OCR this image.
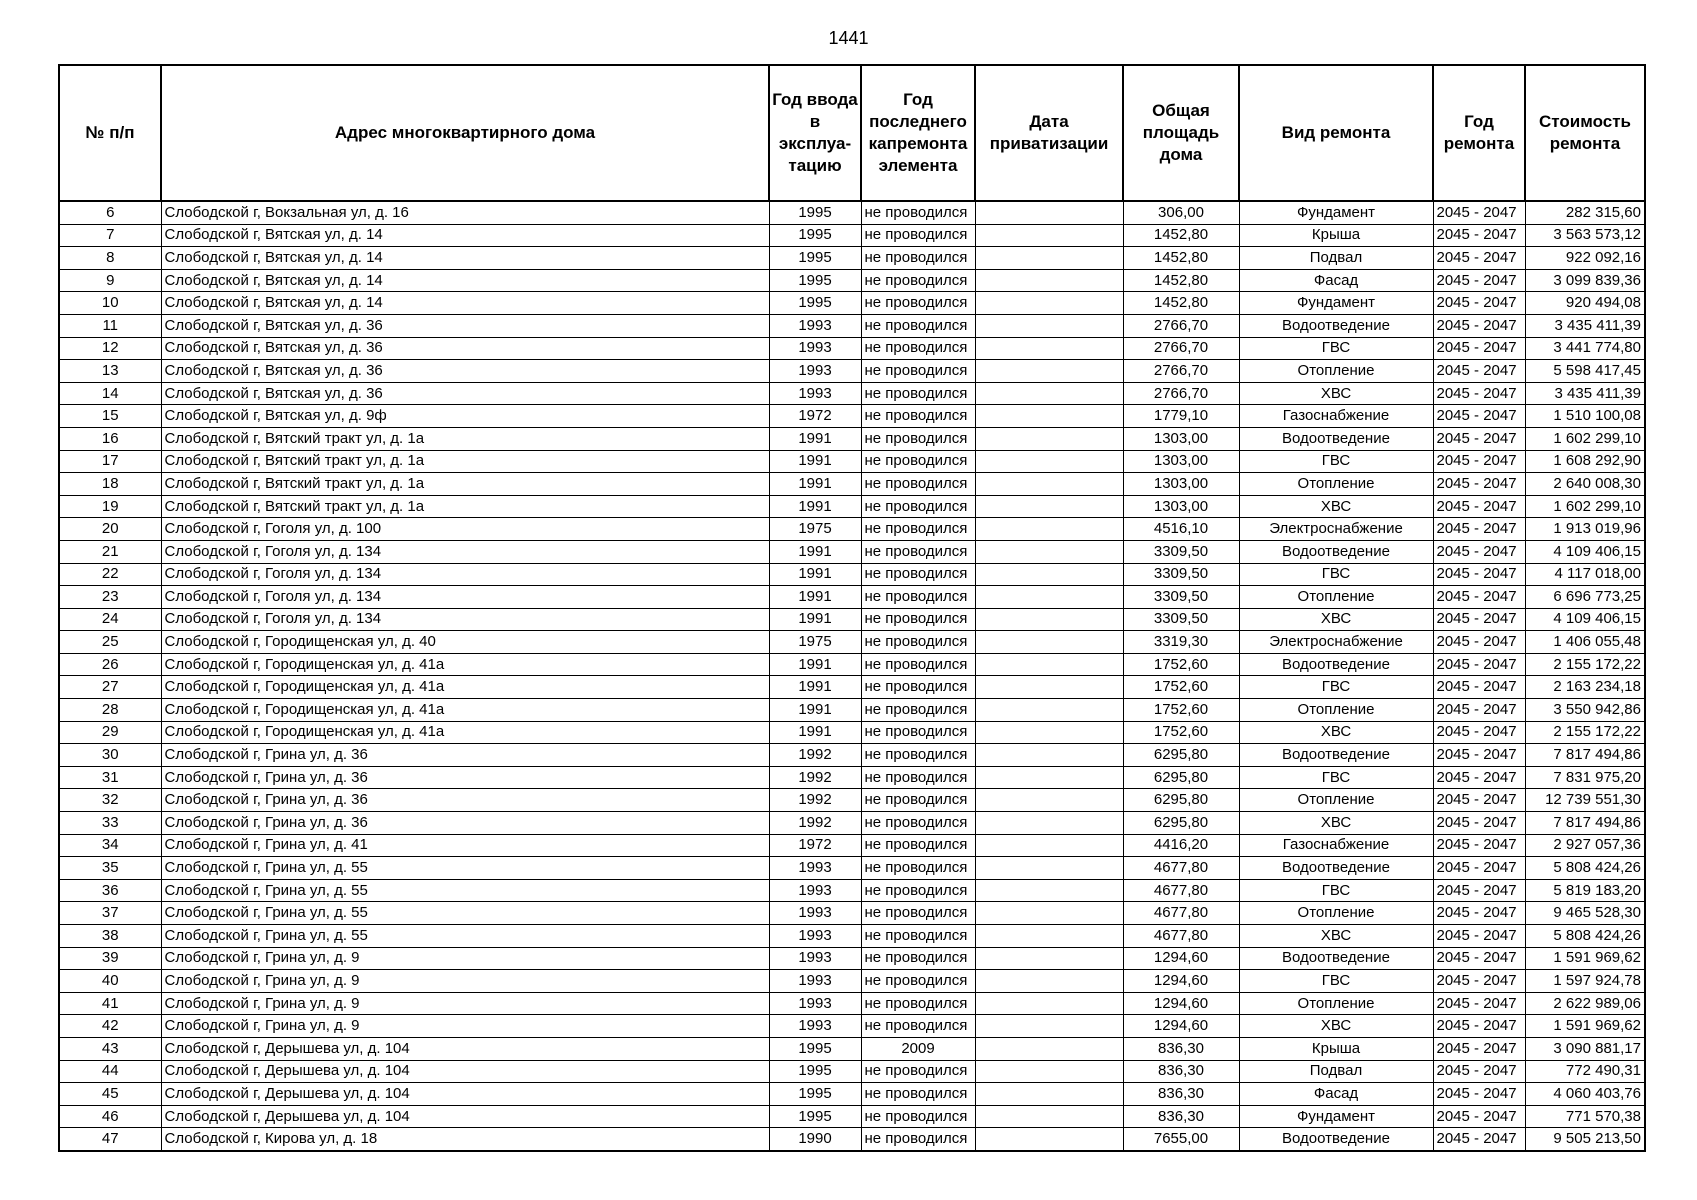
1441
№ п/п	Адрес многоквартирного дома	Год ввода в эксплуа-тацию	Год последнего капремонта элемента	Дата приватизации	Общая площадь дома	Вид ремонта	Год ремонта	Стоимость ремонта
6	Слободской г, Вокзальная ул, д. 16	1995	не проводился		306,00	Фундамент	2045 - 2047	282 315,60
7	Слободской г, Вятская ул, д. 14	1995	не проводился		1452,80	Крыша	2045 - 2047	3 563 573,12
8	Слободской г, Вятская ул, д. 14	1995	не проводился		1452,80	Подвал	2045 - 2047	922 092,16
9	Слободской г, Вятская ул, д. 14	1995	не проводился		1452,80	Фасад	2045 - 2047	3 099 839,36
10	Слободской г, Вятская ул, д. 14	1995	не проводился		1452,80	Фундамент	2045 - 2047	920 494,08
11	Слободской г, Вятская ул, д. 36	1993	не проводился		2766,70	Водоотведение	2045 - 2047	3 435 411,39
12	Слободской г, Вятская ул, д. 36	1993	не проводился		2766,70	ГВС	2045 - 2047	3 441 774,80
13	Слободской г, Вятская ул, д. 36	1993	не проводился		2766,70	Отопление	2045 - 2047	5 598 417,45
14	Слободской г, Вятская ул, д. 36	1993	не проводился		2766,70	ХВС	2045 - 2047	3 435 411,39
15	Слободской г, Вятская ул, д. 9ф	1972	не проводился		1779,10	Газоснабжение	2045 - 2047	1 510 100,08
16	Слободской г, Вятский тракт ул, д. 1а	1991	не проводился		1303,00	Водоотведение	2045 - 2047	1 602 299,10
17	Слободской г, Вятский тракт ул, д. 1а	1991	не проводился		1303,00	ГВС	2045 - 2047	1 608 292,90
18	Слободской г, Вятский тракт ул, д. 1а	1991	не проводился		1303,00	Отопление	2045 - 2047	2 640 008,30
19	Слободской г, Вятский тракт ул, д. 1а	1991	не проводился		1303,00	ХВС	2045 - 2047	1 602 299,10
20	Слободской г, Гоголя ул, д. 100	1975	не проводился		4516,10	Электроснабжение	2045 - 2047	1 913 019,96
21	Слободской г, Гоголя ул, д. 134	1991	не проводился		3309,50	Водоотведение	2045 - 2047	4 109 406,15
22	Слободской г, Гоголя ул, д. 134	1991	не проводился		3309,50	ГВС	2045 - 2047	4 117 018,00
23	Слободской г, Гоголя ул, д. 134	1991	не проводился		3309,50	Отопление	2045 - 2047	6 696 773,25
24	Слободской г, Гоголя ул, д. 134	1991	не проводился		3309,50	ХВС	2045 - 2047	4 109 406,15
25	Слободской г, Городищенская ул, д. 40	1975	не проводился		3319,30	Электроснабжение	2045 - 2047	1 406 055,48
26	Слободской г, Городищенская ул, д. 41а	1991	не проводился		1752,60	Водоотведение	2045 - 2047	2 155 172,22
27	Слободской г, Городищенская ул, д. 41а	1991	не проводился		1752,60	ГВС	2045 - 2047	2 163 234,18
28	Слободской г, Городищенская ул, д. 41а	1991	не проводился		1752,60	Отопление	2045 - 2047	3 550 942,86
29	Слободской г, Городищенская ул, д. 41а	1991	не проводился		1752,60	ХВС	2045 - 2047	2 155 172,22
30	Слободской г, Грина ул, д. 36	1992	не проводился		6295,80	Водоотведение	2045 - 2047	7 817 494,86
31	Слободской г, Грина ул, д. 36	1992	не проводился		6295,80	ГВС	2045 - 2047	7 831 975,20
32	Слободской г, Грина ул, д. 36	1992	не проводился		6295,80	Отопление	2045 - 2047	12 739 551,30
33	Слободской г, Грина ул, д. 36	1992	не проводился		6295,80	ХВС	2045 - 2047	7 817 494,86
34	Слободской г, Грина ул, д. 41	1972	не проводился		4416,20	Газоснабжение	2045 - 2047	2 927 057,36
35	Слободской г, Грина ул, д. 55	1993	не проводился		4677,80	Водоотведение	2045 - 2047	5 808 424,26
36	Слободской г, Грина ул, д. 55	1993	не проводился		4677,80	ГВС	2045 - 2047	5 819 183,20
37	Слободской г, Грина ул, д. 55	1993	не проводился		4677,80	Отопление	2045 - 2047	9 465 528,30
38	Слободской г, Грина ул, д. 55	1993	не проводился		4677,80	ХВС	2045 - 2047	5 808 424,26
39	Слободской г, Грина ул, д. 9	1993	не проводился		1294,60	Водоотведение	2045 - 2047	1 591 969,62
40	Слободской г, Грина ул, д. 9	1993	не проводился		1294,60	ГВС	2045 - 2047	1 597 924,78
41	Слободской г, Грина ул, д. 9	1993	не проводился		1294,60	Отопление	2045 - 2047	2 622 989,06
42	Слободской г, Грина ул, д. 9	1993	не проводился		1294,60	ХВС	2045 - 2047	1 591 969,62
43	Слободской г, Дерышева ул, д. 104	1995	2009		836,30	Крыша	2045 - 2047	3 090 881,17
44	Слободской г, Дерышева ул, д. 104	1995	не проводился		836,30	Подвал	2045 - 2047	772 490,31
45	Слободской г, Дерышева ул, д. 104	1995	не проводился		836,30	Фасад	2045 - 2047	4 060 403,76
46	Слободской г, Дерышева ул, д. 104	1995	не проводился		836,30	Фундамент	2045 - 2047	771 570,38
47	Слободской г, Кирова ул, д. 18	1990	не проводился		7655,00	Водоотведение	2045 - 2047	9 505 213,50
